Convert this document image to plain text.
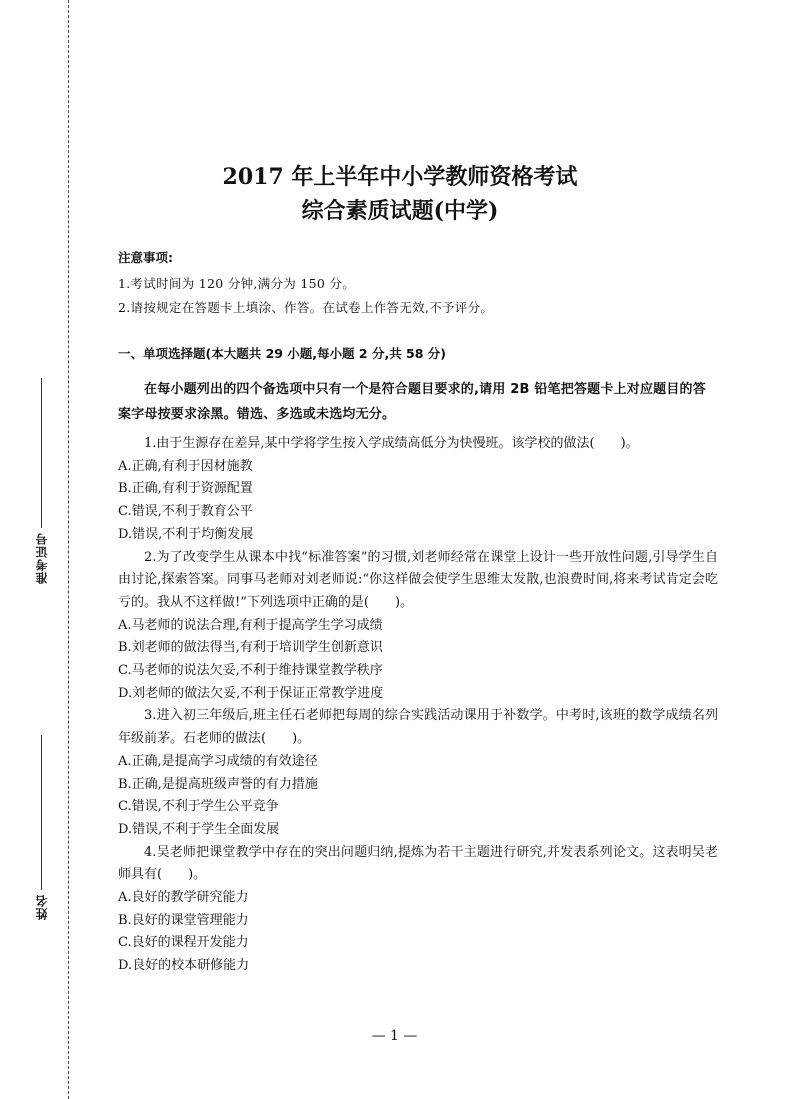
准考证号
姓名
2017 年上半年中小学教师资格考试
综合素质试题(中学)
注意事项:
1.考试时间为 120 分钟,满分为 150 分。
2.请按规定在答题卡上填涂、作答。在试卷上作答无效,不予评分。
一、单项选择题(本大题共 29 小题,每小题 2 分,共 58 分)
在每小题列出的四个备选项中只有一个是符合题目要求的,请用 2B 铅笔把答题卡上对应题目的答案字母按要求涂黑。错选、多选或未选均无分。
1.由于生源存在差异,某中学将学生按入学成绩高低分为快慢班。该学校的做法(　　)。
A.正确,有利于因材施教
B.正确,有利于资源配置
C.错误,不利于教育公平
D.错误,不利于均衡发展
2.为了改变学生从课本中找“标准答案”的习惯,刘老师经常在课堂上设计一些开放性问题,引导学生自由讨论,探索答案。同事马老师对刘老师说:“你这样做会使学生思维太发散,也浪费时间,将来考试肯定会吃亏的。我从不这样做!”下列选项中正确的是(　　)。
A.马老师的说法合理,有利于提高学生学习成绩
B.刘老师的做法得当,有利于培训学生创新意识
C.马老师的说法欠妥,不利于维持课堂教学秩序
D.刘老师的做法欠妥,不利于保证正常教学进度
3.进入初三年级后,班主任石老师把每周的综合实践活动课用于补数学。中考时,该班的数学成绩名列年级前茅。石老师的做法(　　)。
A.正确,是提高学习成绩的有效途径
B.正确,是提高班级声誉的有力措施
C.错误,不利于学生公平竞争
D.错误,不利于学生全面发展
4.吴老师把课堂教学中存在的突出问题归纳,提炼为若干主题进行研究,并发表系列论文。这表明吴老师具有(　　)。
A.良好的教学研究能力
B.良好的课堂管理能力
C.良好的课程开发能力
D.良好的校本研修能力
— 1 —
